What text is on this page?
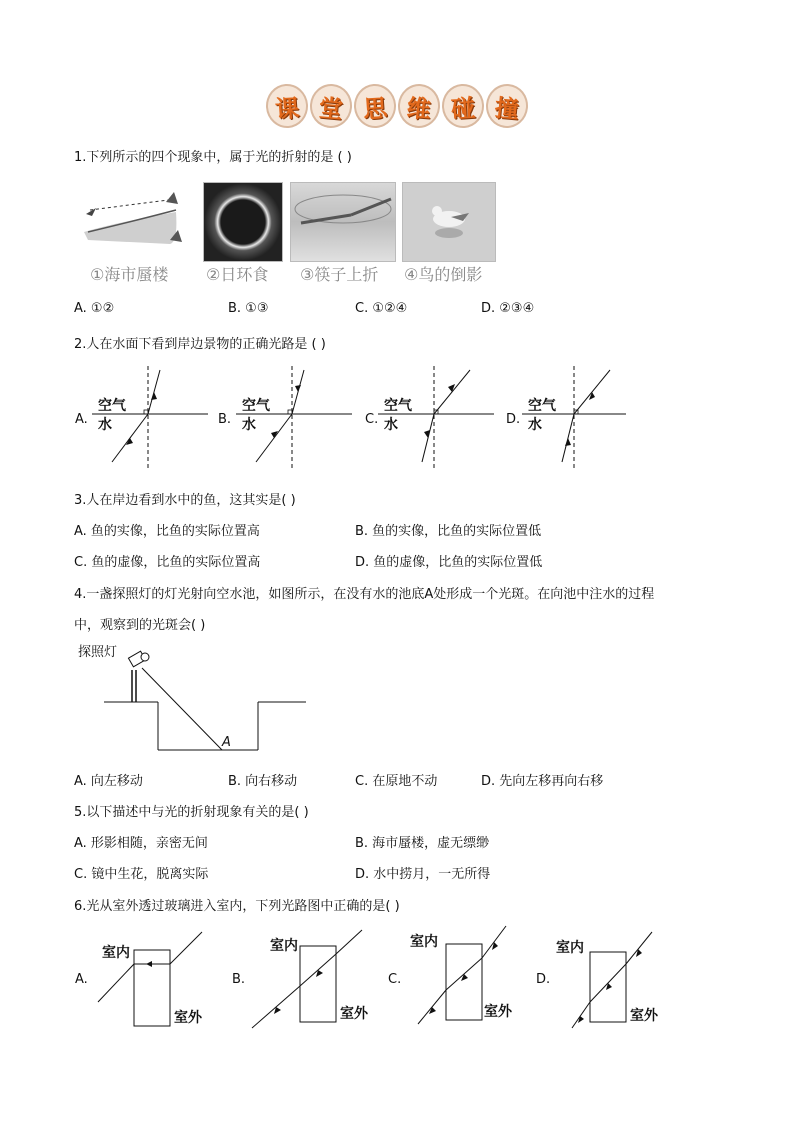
课 堂 思 维 碰 撞
1.下列所示的四个现象中，属于光的折射的是 ( )
①海市蜃楼 ②日环食 ③筷子上折 ④鸟的倒影
A. ①②	B. ①③	C. ①②④	D. ②③④
2.人在水面下看到岸边景物的正确光路是 ( )
A.
空气
水	B.
空气
水	C.
空气
水	D.
空气
水
3.人在岸边看到水中的鱼，这其实是( )
A. 鱼的实像，比鱼的实际位置高	B. 鱼的实像，比鱼的实际位置低
C. 鱼的虚像，比鱼的实际位置高	D. 鱼的虚像，比鱼的实际位置低
4.一盏探照灯的灯光射向空水池，如图所示，在没有水的池底A处形成一个光斑。在向池中注水的过程
中，观察到的光斑会( )
探照灯
A
A. 向左移动	B. 向右移动	C. 在原地不动	D. 先向左移再向右移
5.以下描述中与光的折射现象有关的是( )
A. 形影相随，亲密无间	B. 海市蜃楼，虚无缥缈
C. 镜中生花，脱离实际	D. 水中捞月，一无所得
6.光从室外透过玻璃进入室内，下列光路图中正确的是( )
A.
室内
室外
B.
室内
室外
C.
室内
室外
D.
室内
室外
